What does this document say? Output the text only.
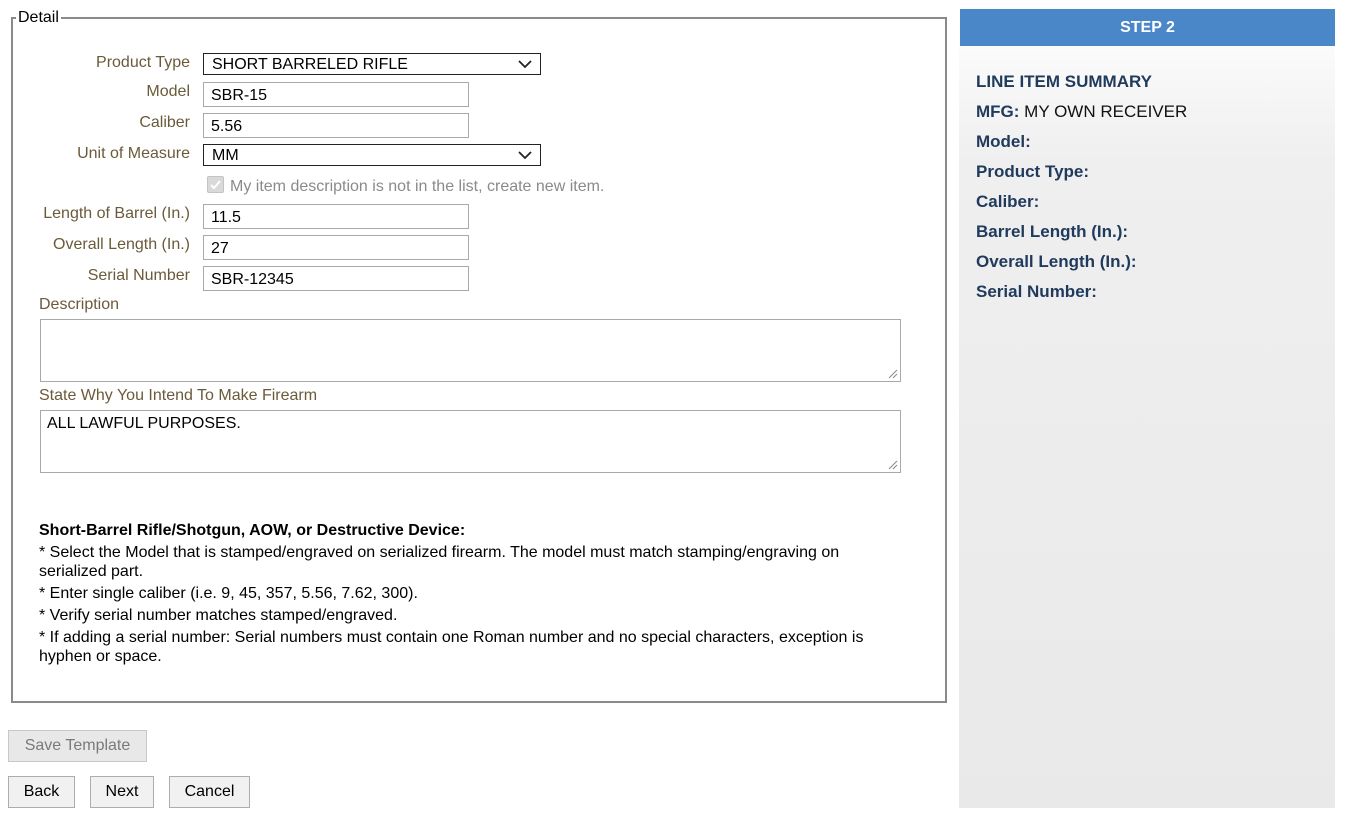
Detail
Product Type	SHORT BARRELED RIFLE
Model	SBR-15
Caliber	5.56
Unit of Measure	MM
My item description is not in the list, create new item.
Length of Barrel (In.)	11.5
Overall Length (In.)	27
Serial Number	SBR-12345
Description
State Why You Intend To Make Firearm
ALL LAWFUL PURPOSES.
Short-Barrel Rifle/Shotgun, AOW, or Destructive Device:
* Select the Model that is stamped/engraved on serialized firearm. The model must match stamping/engraving on serialized part.
* Enter single caliber (i.e. 9, 45, 357, 5.56, 7.62, 300).
* Verify serial number matches stamped/engraved.
* If adding a serial number: Serial numbers must contain one Roman number and no special characters, exception is hyphen or space.
Save Template
Back	Next	Cancel
STEP 2
LINE ITEM SUMMARY
MFG: MY OWN RECEIVER
Model:
Product Type:
Caliber:
Barrel Length (In.):
Overall Length (In.):
Serial Number:
